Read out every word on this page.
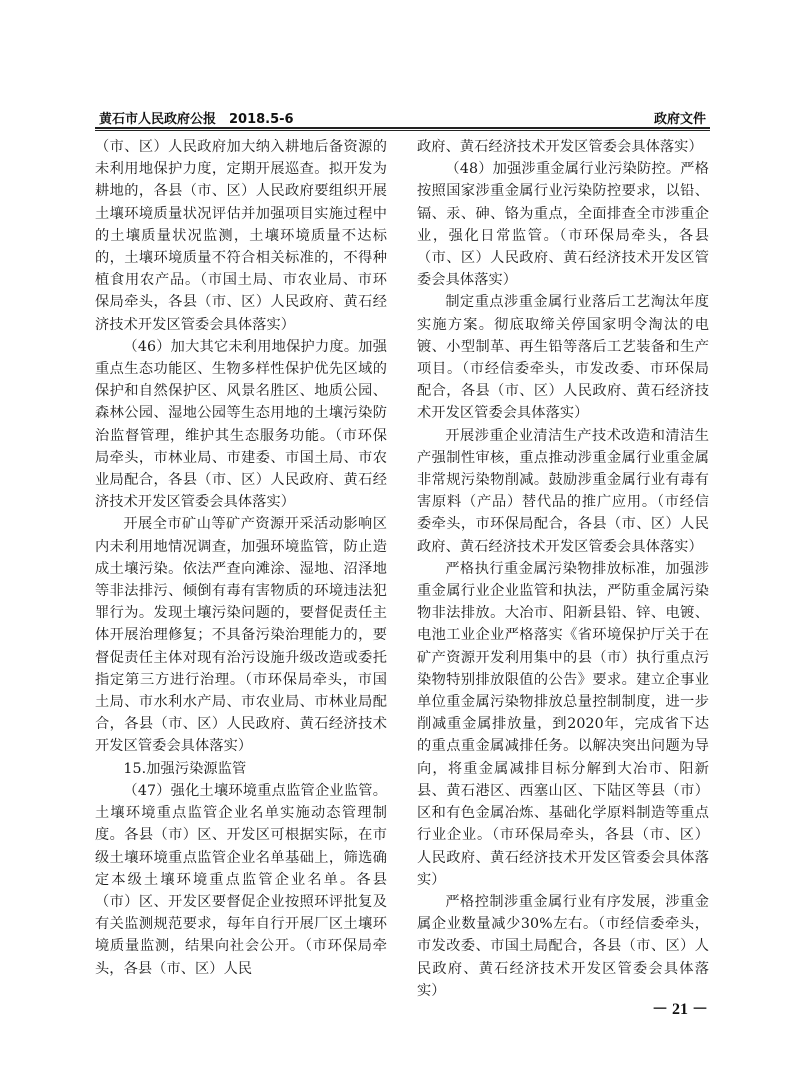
黄石市人民政府公报　2018.5-6	政府文件

（市、区）人民政府加大纳入耕地后备资源的未利用地保护力度，定期开展巡查。拟开发为耕地的，各县（市、区）人民政府要组织开展土壤环境质量状况评估并加强项目实施过程中的土壤质量状况监测，土壤环境质量不达标的，土壤环境质量不符合相关标准的，不得种植食用农产品。（市国土局、市农业局、市环保局牵头，各县（市、区）人民政府、黄石经济技术开发区管委会具体落实）

（46）加大其它未利用地保护力度。加强重点生态功能区、生物多样性保护优先区域的保护和自然保护区、风景名胜区、地质公园、森林公园、湿地公园等生态用地的土壤污染防治监督管理，维护其生态服务功能。（市环保局牵头，市林业局、市建委、市国土局、市农业局配合，各县（市、区）人民政府、黄石经济技术开发区管委会具体落实）

开展全市矿山等矿产资源开采活动影响区内未利用地情况调查，加强环境监管，防止造成土壤污染。依法严查向滩涂、湿地、沼泽地等非法排污、倾倒有毒有害物质的环境违法犯罪行为。发现土壤污染问题的，要督促责任主体开展治理修复；不具备污染治理能力的，要督促责任主体对现有治污设施升级改造或委托指定第三方进行治理。（市环保局牵头，市国土局、市水利水产局、市农业局、市林业局配合，各县（市、区）人民政府、黄石经济技术开发区管委会具体落实）

15.加强污染源监管

（47）强化土壤环境重点监管企业监管。土壤环境重点监管企业名单实施动态管理制度。各县（市）区、开发区可根据实际，在市级土壤环境重点监管企业名单基础上，筛选确定本级土壤环境重点监管企业名单。各县（市）区、开发区要督促企业按照环评批复及有关监测规范要求，每年自行开展厂区土壤环境质量监测，结果向社会公开。（市环保局牵头，各县（市、区）人民

政府、黄石经济技术开发区管委会具体落实）

（48）加强涉重金属行业污染防控。严格按照国家涉重金属行业污染防控要求，以铅、镉、汞、砷、铬为重点，全面排查全市涉重企业，强化日常监管。（市环保局牵头，各县（市、区）人民政府、黄石经济技术开发区管委会具体落实）

制定重点涉重金属行业落后工艺淘汰年度实施方案。彻底取缔关停国家明令淘汰的电镀、小型制革、再生铅等落后工艺装备和生产项目。（市经信委牵头，市发改委、市环保局配合，各县（市、区）人民政府、黄石经济技术开发区管委会具体落实）

开展涉重企业清洁生产技术改造和清洁生产强制性审核，重点推动涉重金属行业重金属非常规污染物削减。鼓励涉重金属行业有毒有害原料（产品）替代品的推广应用。（市经信委牵头，市环保局配合，各县（市、区）人民政府、黄石经济技术开发区管委会具体落实）

严格执行重金属污染物排放标准，加强涉重金属行业企业监管和执法，严防重金属污染物非法排放。大冶市、阳新县铅、锌、电镀、电池工业企业严格落实《省环境保护厅关于在矿产资源开发利用集中的县（市）执行重点污染物特别排放限值的公告》要求。建立企事业单位重金属污染物排放总量控制制度，进一步削减重金属排放量，到2020年，完成省下达的重点重金属减排任务。以解决突出问题为导向，将重金属减排目标分解到大冶市、阳新县、黄石港区、西塞山区、下陆区等县（市）区和有色金属冶炼、基础化学原料制造等重点行业企业。（市环保局牵头，各县（市、区）人民政府、黄石经济技术开发区管委会具体落实）

严格控制涉重金属行业有序发展，涉重金属企业数量减少30%左右。（市经信委牵头，市发改委、市国土局配合，各县（市、区）人民政府、黄石经济技术开发区管委会具体落实）

－ 21 －
